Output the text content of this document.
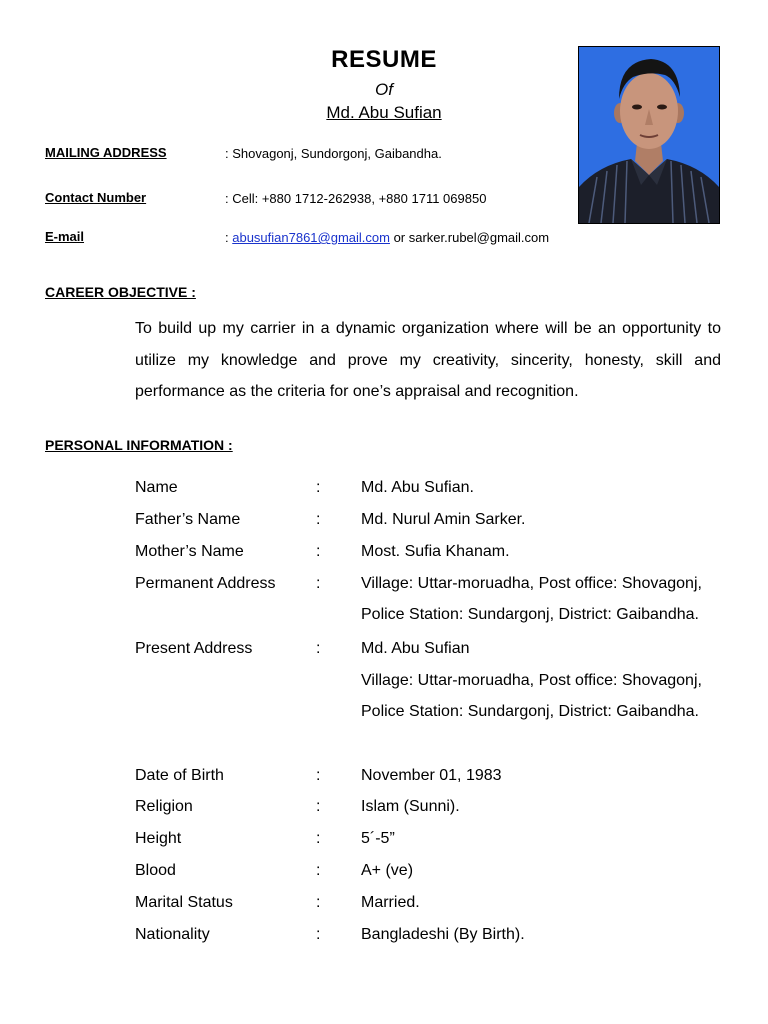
RESUME
Of
Md. Abu Sufian
MAILING ADDRESS	: Shovagonj, Sundorgonj, Gaibandha.
Contact Number	: Cell: +880 1712-262938, +880 1711 069850
E-mail	: abusufian7861@gmail.com or sarker.rubel@gmail.com
CAREER OBJECTIVE :
To build up my carrier in a dynamic organization where will be an opportunity to utilize my knowledge and prove my creativity, sincerity, honesty, skill and performance as the criteria for one’s appraisal and recognition.
PERSONAL INFORMATION :
Name	:	Md. Abu Sufian.
Father’s Name	:	Md. Nurul Amin Sarker.
Mother’s Name	:	Most. Sufia Khanam.
Permanent Address	:	Village: Uttar-moruadha, Post office: Shovagonj,
Police Station: Sundargonj, District: Gaibandha.
Present Address	:	Md. Abu Sufian
Village: Uttar-moruadha, Post office: Shovagonj,
Police Station: Sundargonj, District: Gaibandha.
Date of Birth	:	November 01, 1983
Religion	:	Islam (Sunni).
Height	:	5´-5”
Blood	:	A+ (ve)
Marital Status	:	Married.
Nationality	:	Bangladeshi (By Birth).
